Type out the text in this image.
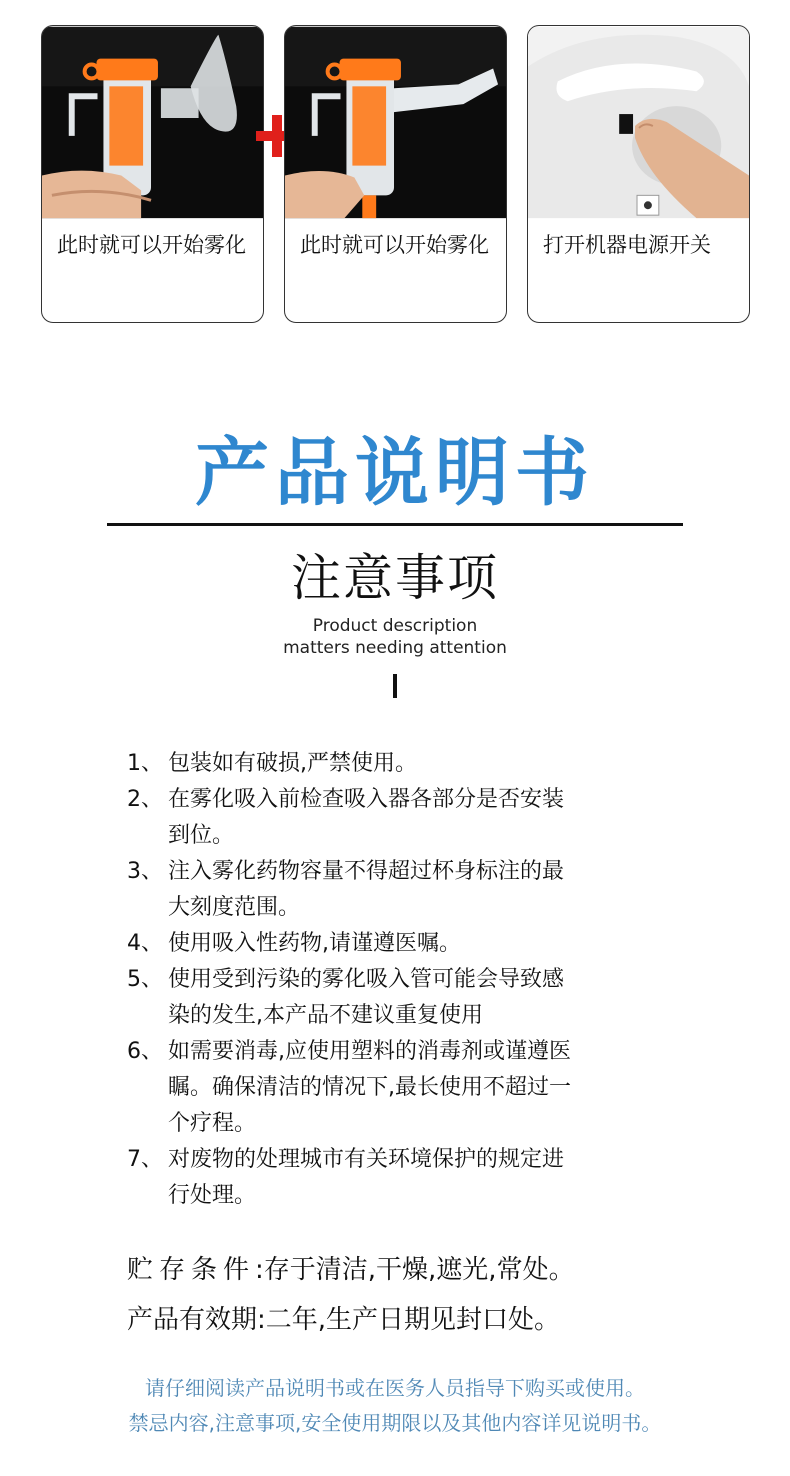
此时就可以开始雾化	此时就可以开始雾化	打开机器电源开关
产品说明书
注意事项
Product description
matters needing attention
1、 包装如有破损,严禁使用。
2、 在雾化吸入前检查吸入器各部分是否安装到位。
3、 注入雾化药物容量不得超过杯身标注的最大刻度范围。
4、 使用吸入性药物,请谨遵医嘱。
5、 使用受到污染的雾化吸入管可能会导致感染的发生,本产品不建议重复使用
6、 如需要消毒,应使用塑料的消毒剂或谨遵医瞩。确保清洁的情况下,最长使用不超过一个疗程。
7、 对废物的处理城市有关环境保护的规定进行处理。
贮存条件:存于清洁,干燥,遮光,常处。
产品有效期:二年,生产日期见封口处。
请仔细阅读产品说明书或在医务人员指导下购买或使用。
禁忌内容,注意事项,安全使用期限以及其他内容详见说明书。
